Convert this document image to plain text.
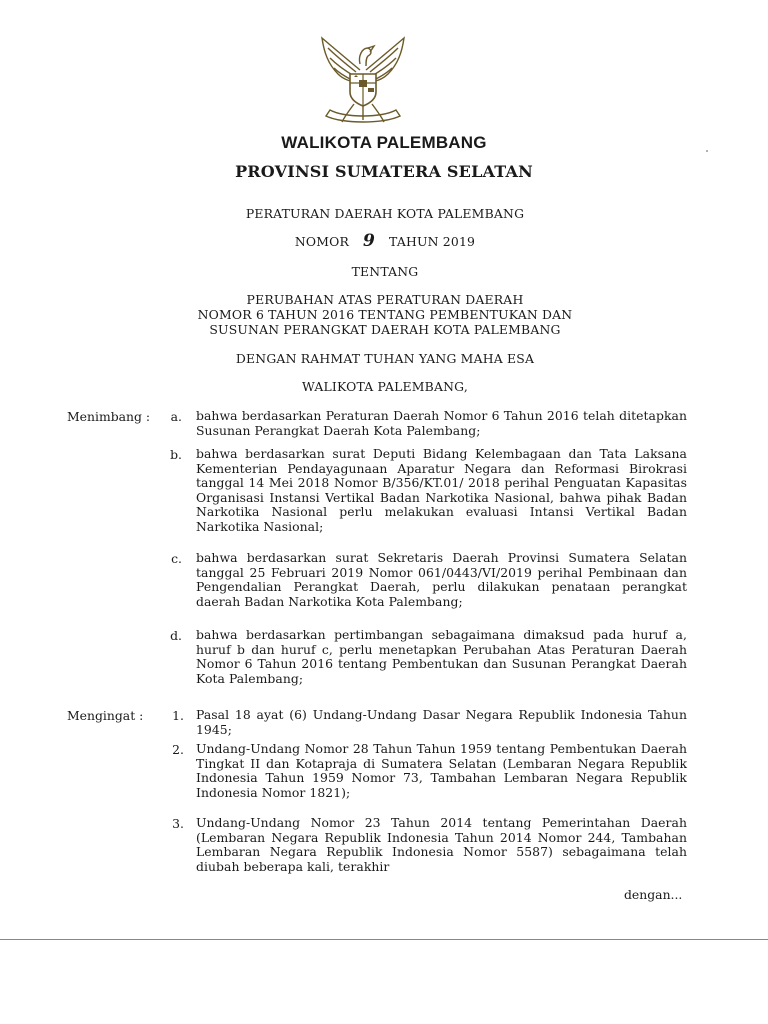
WALIKOTA PALEMBANG
PROVINSI SUMATERA SELATAN
PERATURAN DAERAH KOTA PALEMBANG
NOMOR 9 TAHUN 2019
TENTANG
PERUBAHAN ATAS PERATURAN DAERAH
NOMOR 6 TAHUN 2016 TENTANG PEMBENTUKAN DAN
SUSUNAN PERANGKAT DAERAH KOTA PALEMBANG
DENGAN RAHMAT TUHAN YANG MAHA ESA
WALIKOTA PALEMBANG,
Menimbang :	a. bahwa berdasarkan Peraturan Daerah Nomor 6 Tahun 2016 telah ditetapkan Susunan Perangkat Daerah Kota Palembang;
b. bahwa berdasarkan surat Deputi Bidang Kelembagaan dan Tata Laksana Kementerian Pendayagunaan Aparatur Negara dan Reformasi Birokrasi tanggal 14 Mei 2018 Nomor B/356/KT.01/ 2018 perihal Penguatan Kapasitas Organisasi Instansi Vertikal Badan Narkotika Nasional, bahwa pihak Badan Narkotika Nasional perlu melakukan evaluasi Intansi Vertikal Badan Narkotika Nasional;
c. bahwa berdasarkan surat Sekretaris Daerah Provinsi Sumatera Selatan tanggal 25 Februari 2019 Nomor 061/0443/VI/2019 perihal Pembinaan dan Pengendalian Perangkat Daerah, perlu dilakukan penataan perangkat daerah Badan Narkotika Kota Palembang;
d. bahwa berdasarkan pertimbangan sebagaimana dimaksud pada huruf a, huruf b dan huruf c, perlu menetapkan Perubahan Atas Peraturan Daerah Nomor 6 Tahun 2016 tentang Pembentukan dan Susunan Perangkat Daerah Kota Palembang;
Mengingat :	1. Pasal 18 ayat (6) Undang-Undang Dasar Negara Republik Indonesia Tahun 1945;
2. Undang-Undang Nomor 28 Tahun Tahun 1959 tentang Pembentukan Daerah Tingkat II dan Kotapraja di Sumatera Selatan (Lembaran Negara Republik Indonesia Tahun 1959 Nomor 73, Tambahan Lembaran Negara Republik Indonesia Nomor 1821);
3. Undang-Undang Nomor 23 Tahun 2014 tentang Pemerintahan Daerah (Lembaran Negara Republik Indonesia Tahun 2014 Nomor 244, Tambahan Lembaran Negara Republik Indonesia Nomor 5587) sebagaimana telah diubah beberapa kali, terakhir
dengan...
